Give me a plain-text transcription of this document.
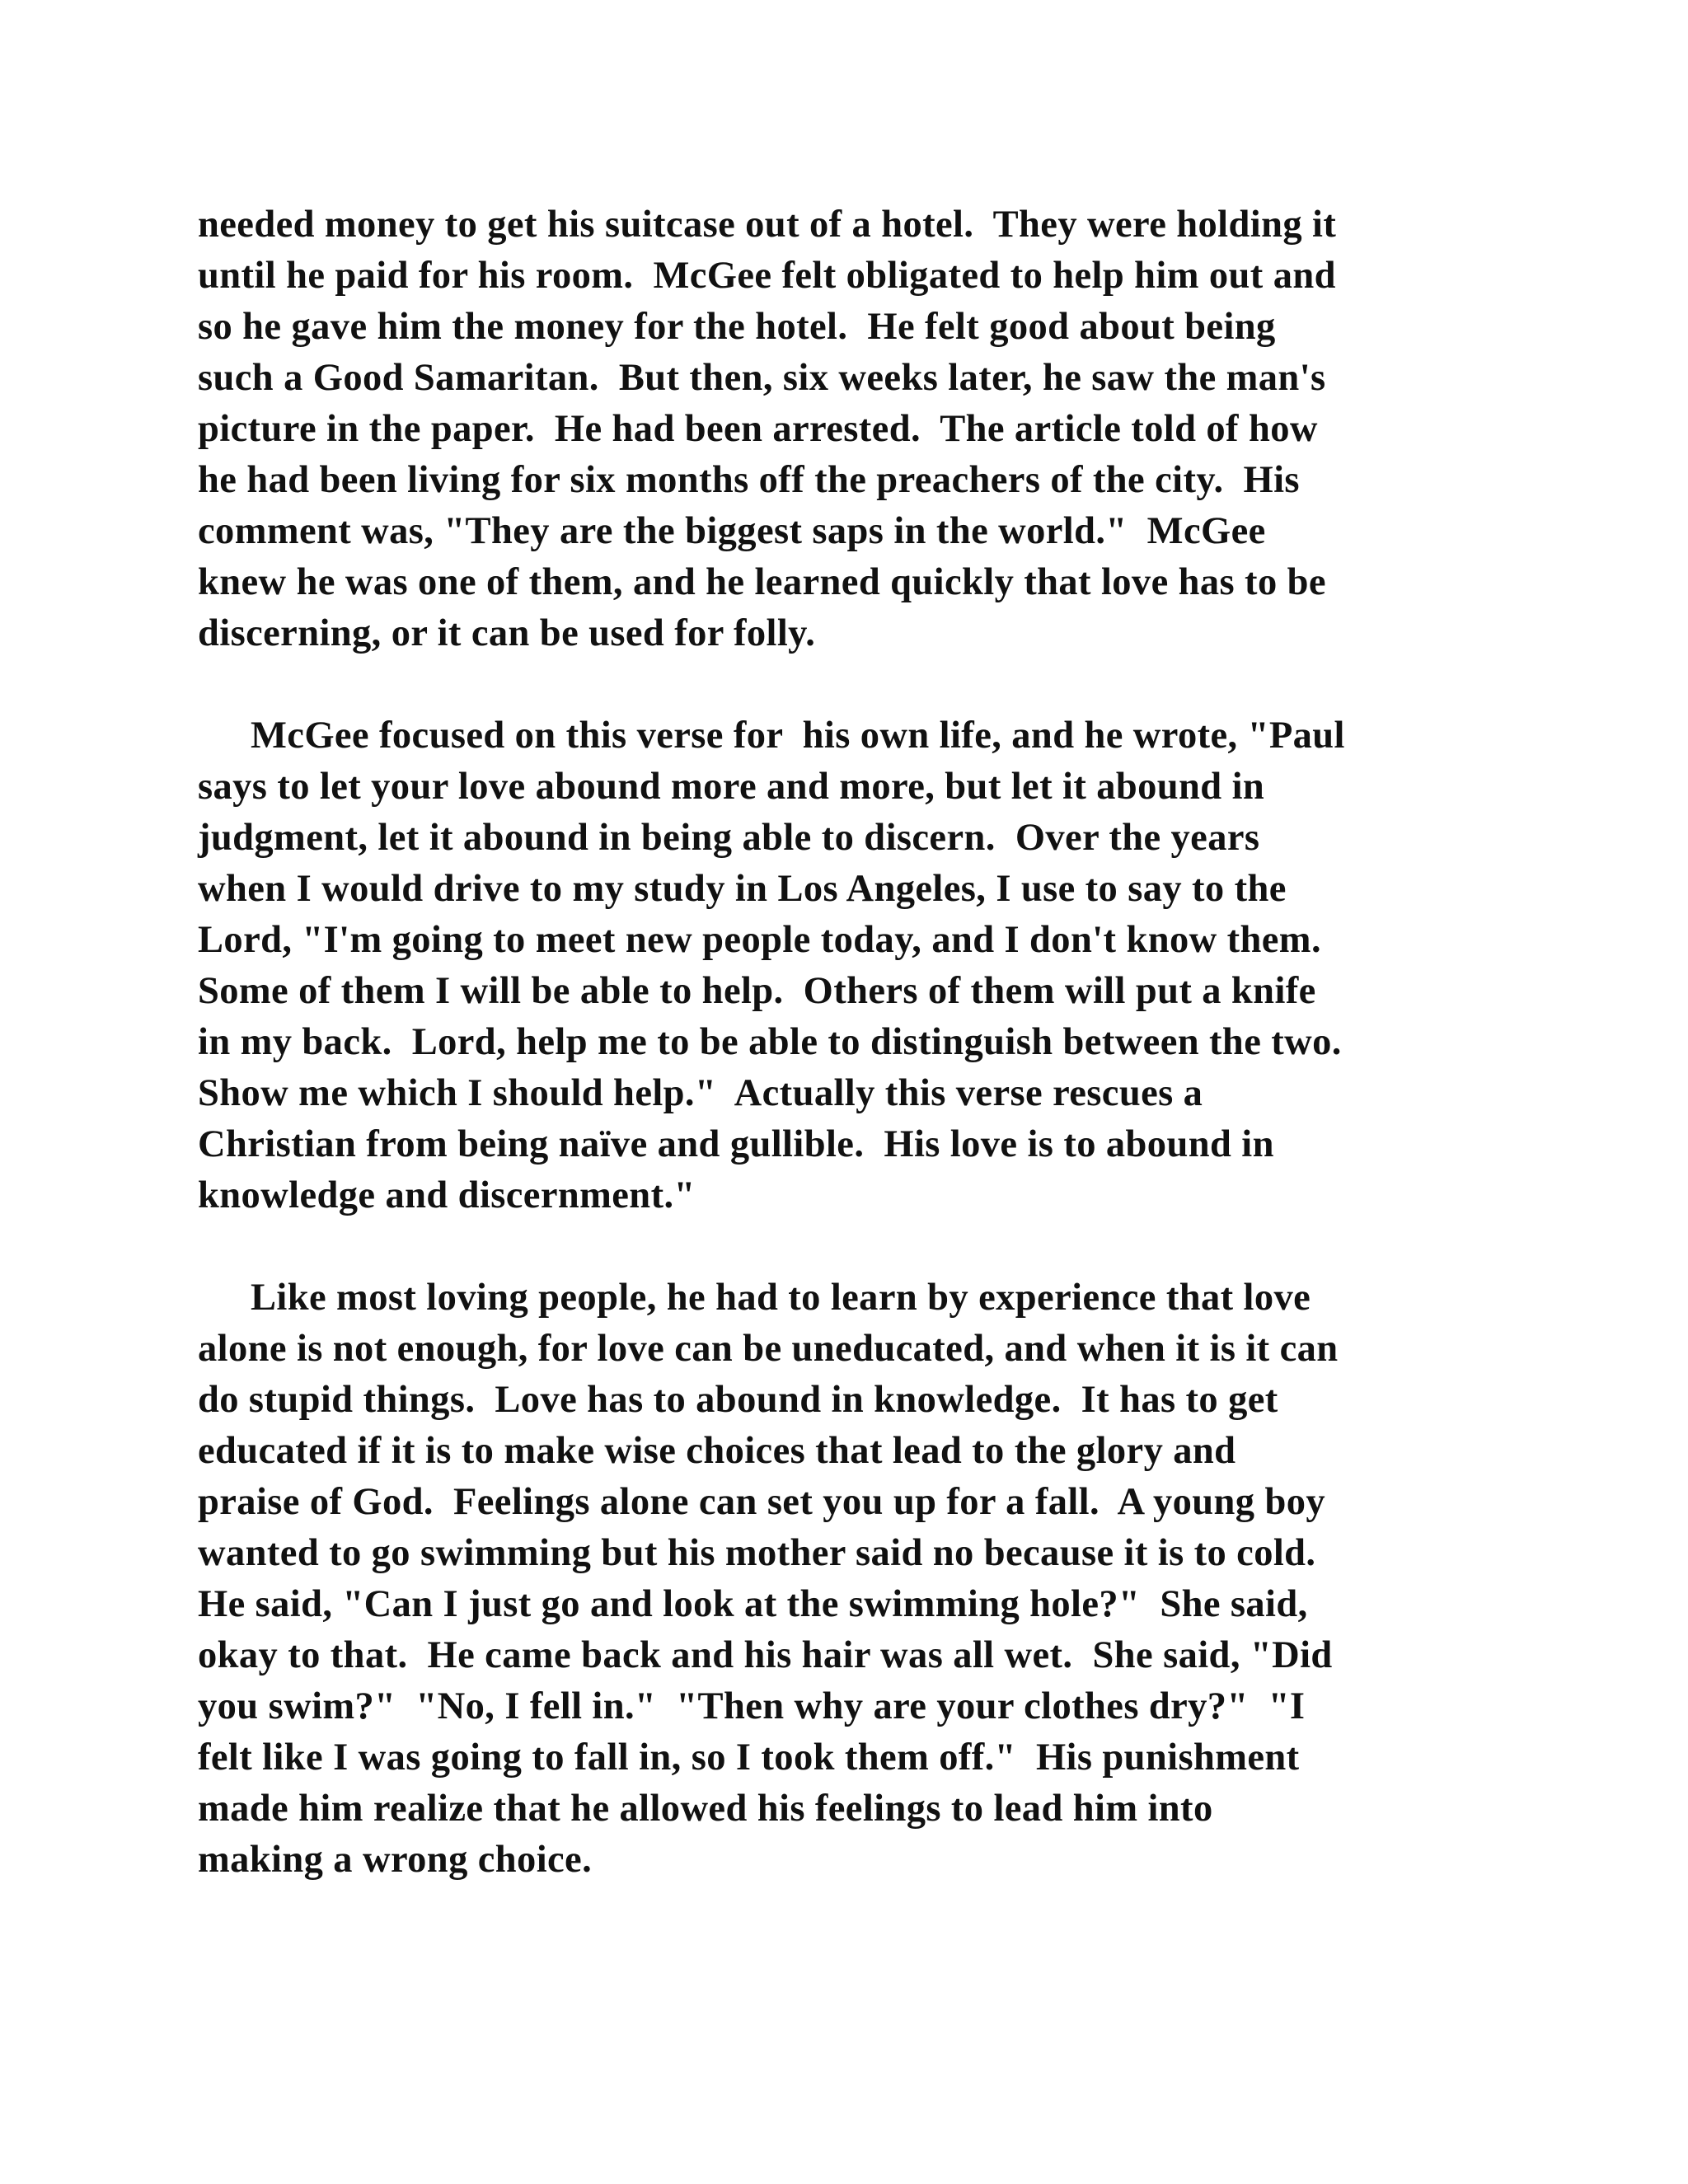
needed money to get his suitcase out of a hotel.  They were holding it
until he paid for his room.  McGee felt obligated to help him out and
so he gave him the money for the hotel.  He felt good about being
such a Good Samaritan.  But then, six weeks later, he saw the man's
picture in the paper.  He had been arrested.  The article told of how
he had been living for six months off the preachers of the city.  His
comment was, "They are the biggest saps in the world."  McGee
knew he was one of them, and he learned quickly that love has to be
discerning, or it can be used for folly.
McGee focused on this verse for  his own life, and he wrote, "Paul
says to let your love abound more and more, but let it abound in
judgment, let it abound in being able to discern.  Over the years
when I would drive to my study in Los Angeles, I use to say to the
Lord, "I'm going to meet new people today, and I don't know them.
Some of them I will be able to help.  Others of them will put a knife
in my back.  Lord, help me to be able to distinguish between the two.
Show me which I should help."  Actually this verse rescues a
Christian from being naïve and gullible.  His love is to abound in
knowledge and discernment."
Like most loving people, he had to learn by experience that love
alone is not enough, for love can be uneducated, and when it is it can
do stupid things.  Love has to abound in knowledge.  It has to get
educated if it is to make wise choices that lead to the glory and
praise of God.  Feelings alone can set you up for a fall.  A young boy
wanted to go swimming but his mother said no because it is to cold.
He said, "Can I just go and look at the swimming hole?"  She said,
okay to that.  He came back and his hair was all wet.  She said, "Did
you swim?"  "No, I fell in."  "Then why are your clothes dry?"  "I
felt like I was going to fall in, so I took them off."  His punishment
made him realize that he allowed his feelings to lead him into
making a wrong choice.
